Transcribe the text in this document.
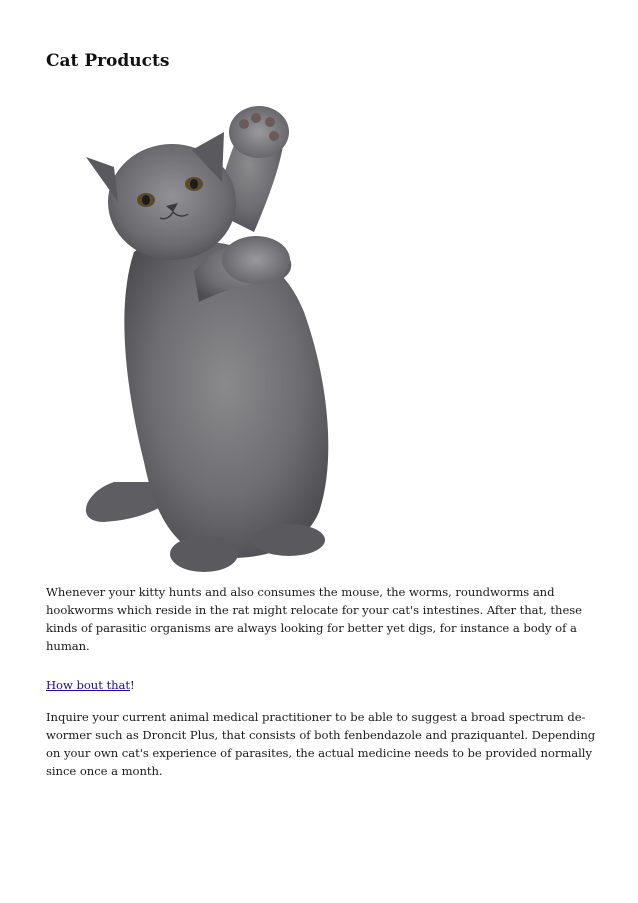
Cat Products

Whenever your kitty hunts and also consumes the mouse, the worms, roundworms and hookworms which reside in the rat might relocate for your cat's intestines. After that, these kinds of parasitic organisms are always looking for better yet digs, for instance a body of a human.

How bout that!

Inquire your current animal medical practitioner to be able to suggest a broad spectrum de-wormer such as Droncit Plus, that consists of both fenbendazole and praziquantel. Depending on your own cat's experience of parasites, the actual medicine needs to be provided normally since once a month.
